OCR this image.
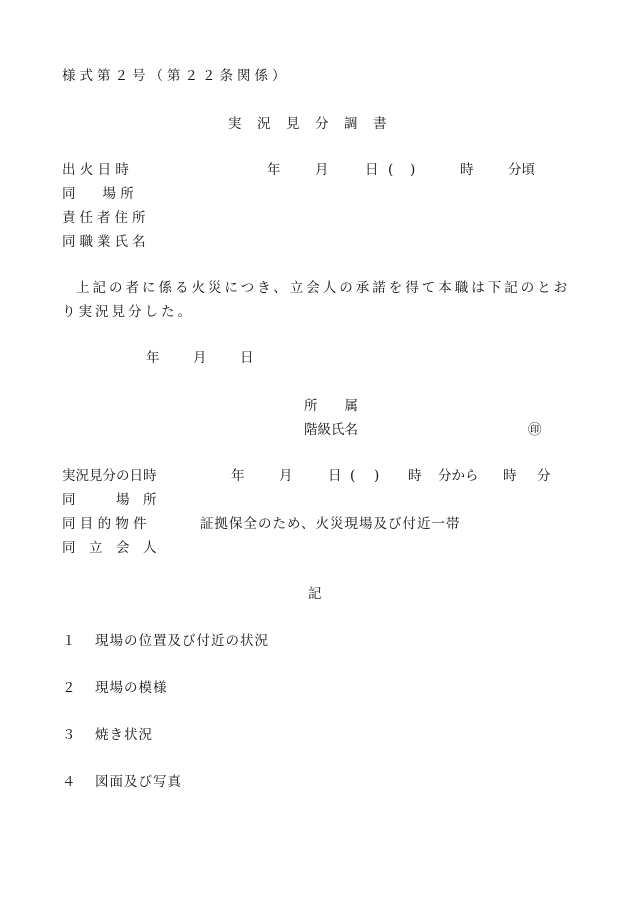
様式第２号（第２２条関係）
実　況　見　分　調　書
出 火 日 時	年	月	日 ( )	時	分頃
同　　場 所
責任者住所
同職業氏名
上記の者に係る火災につき、立会人の承諾を得て本職は下記のとお
り実況見分した。
年 月 日
所　　属
階級氏名	㊞
実況見分の日時	年	月	日 ( ) 時 分から 時 分
同　　　場　所
同 目 的 物 件	証拠保全のため、火災現場及び付近一帯
同　立　会　人
記
１ 現場の位置及び付近の状況
２ 現場の模様
３ 焼き状況
４ 図面及び写真
